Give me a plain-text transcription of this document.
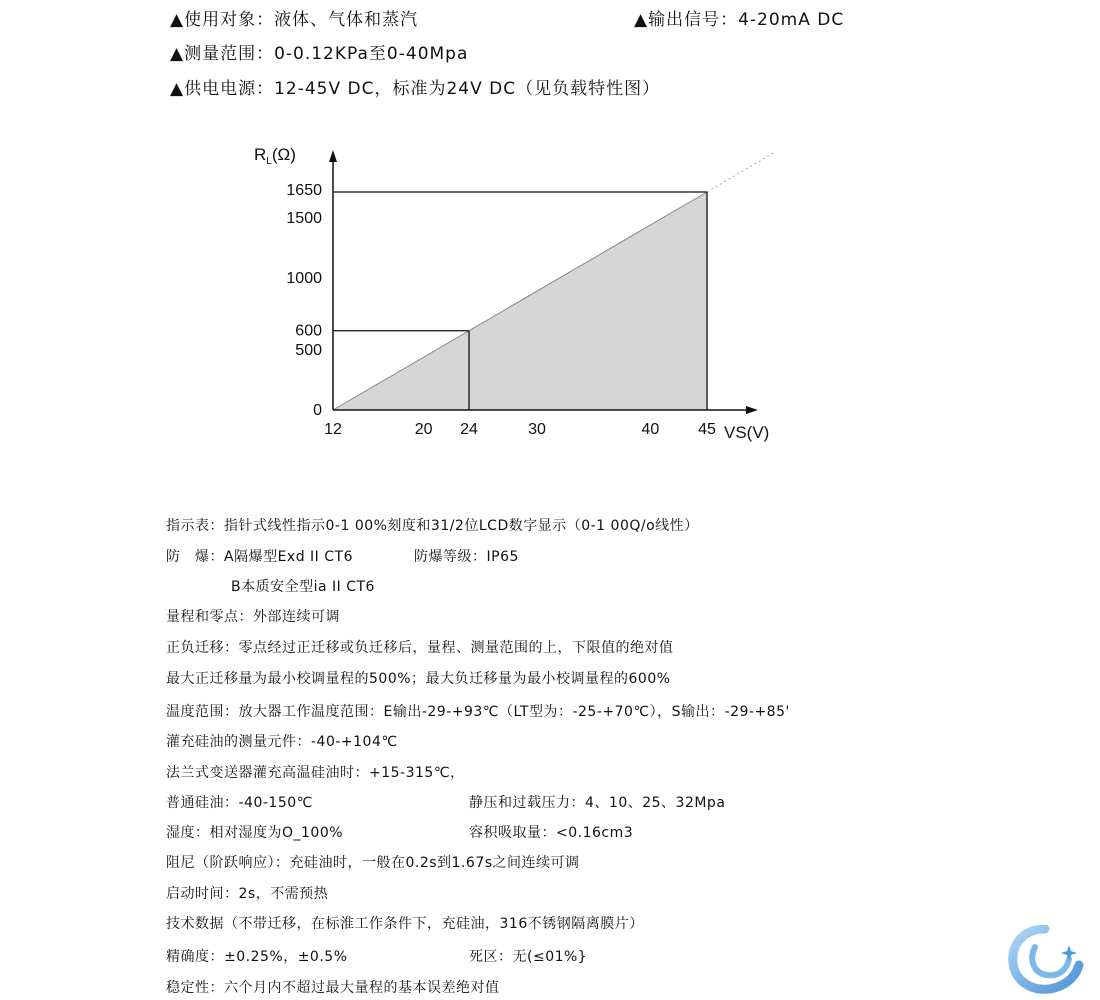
▲使用对象：液体、气体和蒸汽	▲输出信号：4-20mA DC
▲测量范围：0-0.12KPa至0-40Mpa
▲供电电源：12-45V DC，标准为24V DC（见负载特性图）
12	20 24	30	40 45
0
500
600
1000
1500
1650
VS(V)
$R_L(\Omega)$
指示表：指针式线性指示0-1 00%刻度和31/2位LCD数字显示（0-1 00Q/o线性）
防　爆：A隔爆型Exd II CT6	防爆等级：IP65
B本质安全型ia II CT6
量程和零点：外部连续可调
正负迁移：零点经过正迁移或负迁移后，量程、测量范围的上，下限值的绝对值
最大正迁移量为最小校调量程的500%；最大负迁移量为最小校调量程的600%
温度范围：放大器工作温度范围：E输出-29-+93℃（LT型为：-25-+70℃），S输出：-29-+85'
灌充硅油的测量元件：-40-+104℃
法兰式变送器灌充高温硅油时：+15-315℃，
普通硅油：-40-150℃	静压和过载压力：4、10、25、32Mpa
湿度：相对湿度为O_100%	容积吸取量：<0.16cm3
阻尼（阶跃响应）：充硅油时，一般在0.2s到1.67s之间连续可调
启动时间：2s，不需预热
技术数据（不带迁移，在标淮工作条件下，充硅油，316不锈钢隔离膜片）
精确度：±0.25%，±0.5%	死区：无(≤01%}
稳定性：六个月内不超过最大量程的基本误差绝对值
